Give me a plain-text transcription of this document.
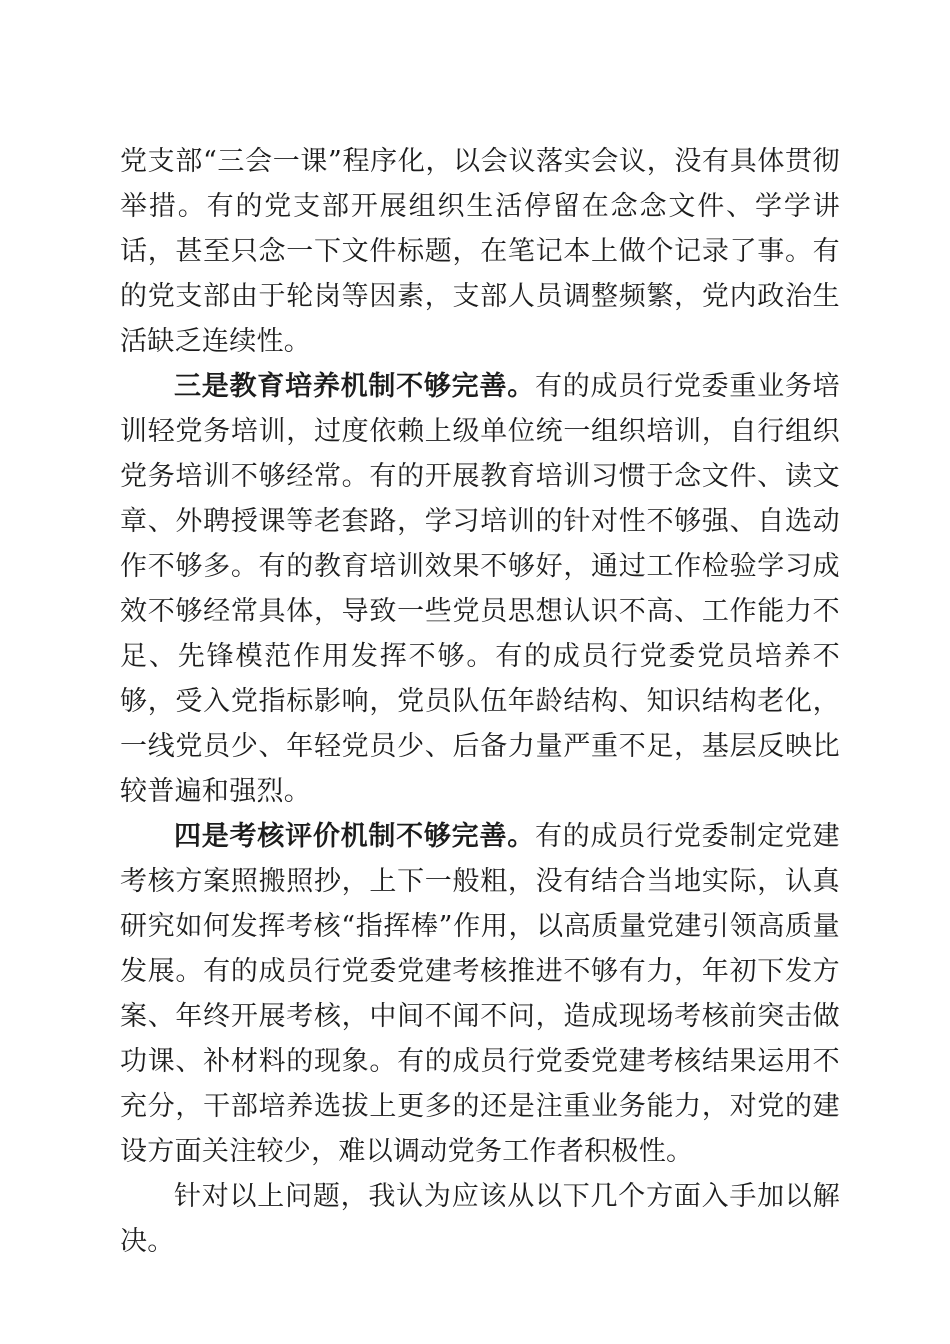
党支部“三会一课”程序化，以会议落实会议，没有具体贯彻举措。有的党支部开展组织生活停留在念念文件、学学讲话，甚至只念一下文件标题，在笔记本上做个记录了事。有的党支部由于轮岗等因素，支部人员调整频繁，党内政治生活缺乏连续性。

三是教育培养机制不够完善。有的成员行党委重业务培训轻党务培训，过度依赖上级单位统一组织培训，自行组织党务培训不够经常。有的开展教育培训习惯于念文件、读文章、外聘授课等老套路，学习培训的针对性不够强、自选动作不够多。有的教育培训效果不够好，通过工作检验学习成效不够经常具体，导致一些党员思想认识不高、工作能力不足、先锋模范作用发挥不够。有的成员行党委党员培养不够，受入党指标影响，党员队伍年龄结构、知识结构老化，一线党员少、年轻党员少、后备力量严重不足，基层反映比较普遍和强烈。

四是考核评价机制不够完善。有的成员行党委制定党建考核方案照搬照抄，上下一般粗，没有结合当地实际，认真研究如何发挥考核“指挥棒”作用，以高质量党建引领高质量发展。有的成员行党委党建考核推进不够有力，年初下发方案、年终开展考核，中间不闻不问，造成现场考核前突击做功课、补材料的现象。有的成员行党委党建考核结果运用不充分，干部培养选拔上更多的还是注重业务能力，对党的建设方面关注较少，难以调动党务工作者积极性。

针对以上问题，我认为应该从以下几个方面入手加以解决。
